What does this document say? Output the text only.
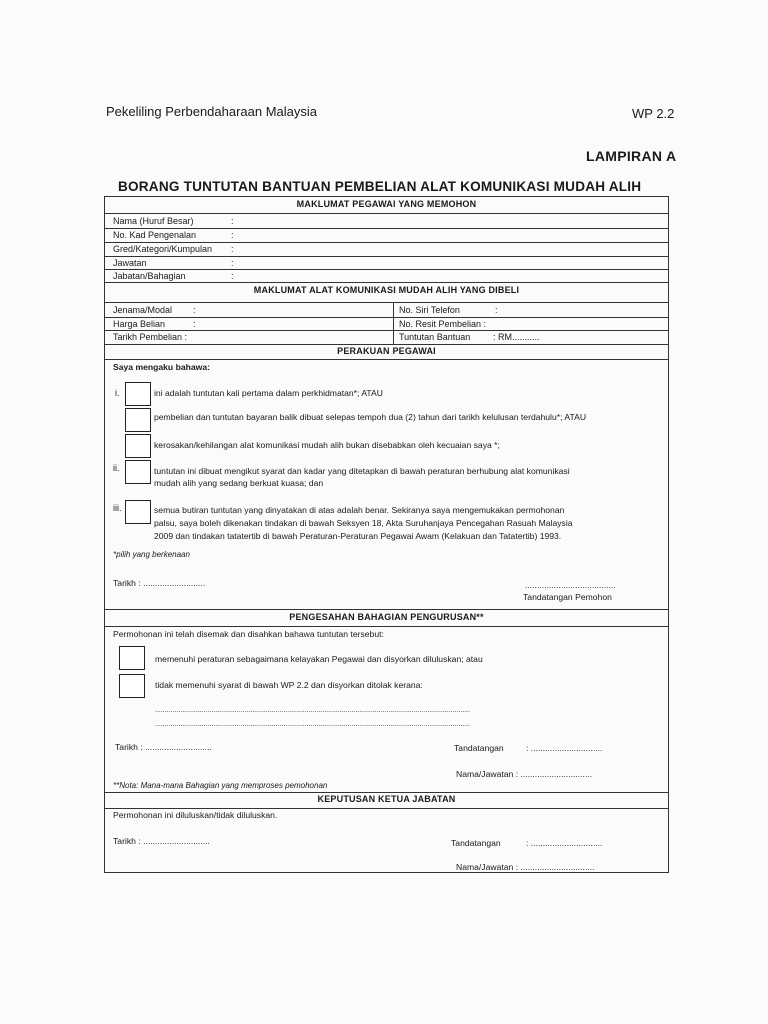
Pekeliling Perbendaharaan Malaysia	WP 2.2
LAMPIRAN A
BORANG TUNTUTAN BANTUAN PEMBELIAN ALAT KOMUNIKASI MUDAH ALIH
MAKLUMAT PEGAWAI YANG MEMOHON
Nama (Huruf Besar)	:
No. Kad Pengenalan	:
Gred/Kategori/Kumpulan :
Jawatan	:
Jabatan/Bahagian	:
MAKLUMAT ALAT KOMUNIKASI MUDAH ALIH YANG DIBELI
Jenama/Modal :	No. Siri Telefon	:
Harga Belian	:	No. Resit Pembelian :
Tarikh Pembelian :	Tuntutan Bantuan	: RM...........
PERAKUAN PEGAWAI
Saya mengaku bahawa:
i.	ini adalah tuntutan kali pertama dalam perkhidmatan*; ATAU
pembelian dan tuntutan bayaran balik dibuat selepas tempoh dua (2) tahun dari tarikh kelulusan terdahulu*; ATAU
kerosakan/kehilangan alat komunikasi mudah alih bukan disebabkan oleh kecuaian saya *;
ii.	tuntutan ini dibuat mengikut syarat dan kadar yang ditetapkan di bawah peraturan berhubung alat komunikasi
mudah alih yang sedang berkuat kuasa; dan
iii.	semua butiran tuntutan yang dinyatakan di atas adalah benar. Sekiranya saya mengemukakan permohonan
palsu, saya boleh dikenakan tindakan di bawah Seksyen 18, Akta Suruhanjaya Pencegahan Rasuah Malaysia
2009 dan tindakan tatatertib di bawah Peraturan-Peraturan Pegawai Awam (Kelakuan dan Tatatertib) 1993.
*pilih yang berkenaan
Tarikh : ..........................	......................................
Tandatangan Pemohon
PENGESAHAN BAHAGIAN PENGURUSAN**
Permohonan ini telah disemak dan disahkan bahawa tuntutan tersebut:
memenuhi peraturan sebagaimana kelayakan Pegawai dan disyorkan diluluskan; atau
tidak memenuhi syarat di bawah WP 2.2 dan disyorkan ditolak kerana:
..................................................................................................................................................................
..................................................................................................................................................................
Tarikh : ............................	Tandatangan	: ..............................
Nama/Jawatan : ..............................
**Nota: Mana-mana Bahagian yang memproses pemohonan
KEPUTUSAN KETUA JABATAN
Permohonan ini diluluskan/tidak diluluskan.
Tarikh : ............................	Tandatangan	: ..............................
Nama/Jawatan : ...............................
